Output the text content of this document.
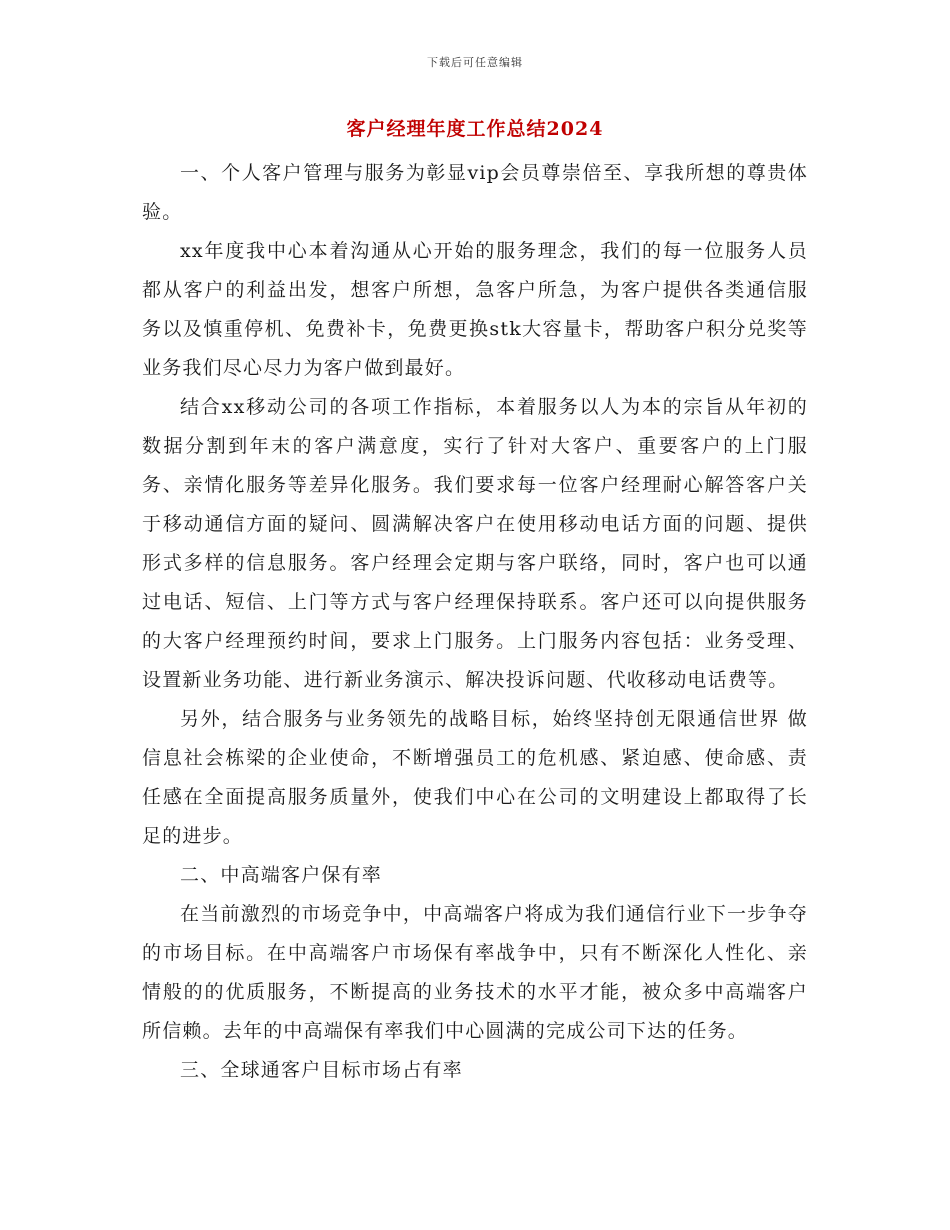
下载后可任意编辑
客户经理年度工作总结2024

一、个人客户管理与服务为彰显vip会员尊崇倍至、享我所想的尊贵体验。

xx年度我中心本着沟通从心开始的服务理念，我们的每一位服务人员都从客户的利益出发，想客户所想，急客户所急，为客户提供各类通信服务以及慎重停机、免费补卡，免费更换stk大容量卡，帮助客户积分兑奖等业务我们尽心尽力为客户做到最好。

结合xx移动公司的各项工作指标，本着服务以人为本的宗旨从年初的数据分割到年末的客户满意度，实行了针对大客户、重要客户的上门服务、亲情化服务等差异化服务。我们要求每一位客户经理耐心解答客户关于移动通信方面的疑问、圆满解决客户在使用移动电话方面的问题、提供形式多样的信息服务。客户经理会定期与客户联络，同时，客户也可以通过电话、短信、上门等方式与客户经理保持联系。客户还可以向提供服务的大客户经理预约时间，要求上门服务。上门服务内容包括：业务受理、设置新业务功能、进行新业务演示、解决投诉问题、代收移动电话费等。

另外，结合服务与业务领先的战略目标，始终坚持创无限通信世界 做信息社会栋梁的企业使命，不断增强员工的危机感、紧迫感、使命感、责任感在全面提高服务质量外，使我们中心在公司的文明建设上都取得了长足的进步。

二、中高端客户保有率

在当前激烈的市场竞争中，中高端客户将成为我们通信行业下一步争夺的市场目标。在中高端客户市场保有率战争中，只有不断深化人性化、亲情般的的优质服务，不断提高的业务技术的水平才能，被众多中高端客户所信赖。去年的中高端保有率我们中心圆满的完成公司下达的任务。

三、全球通客户目标市场占有率
